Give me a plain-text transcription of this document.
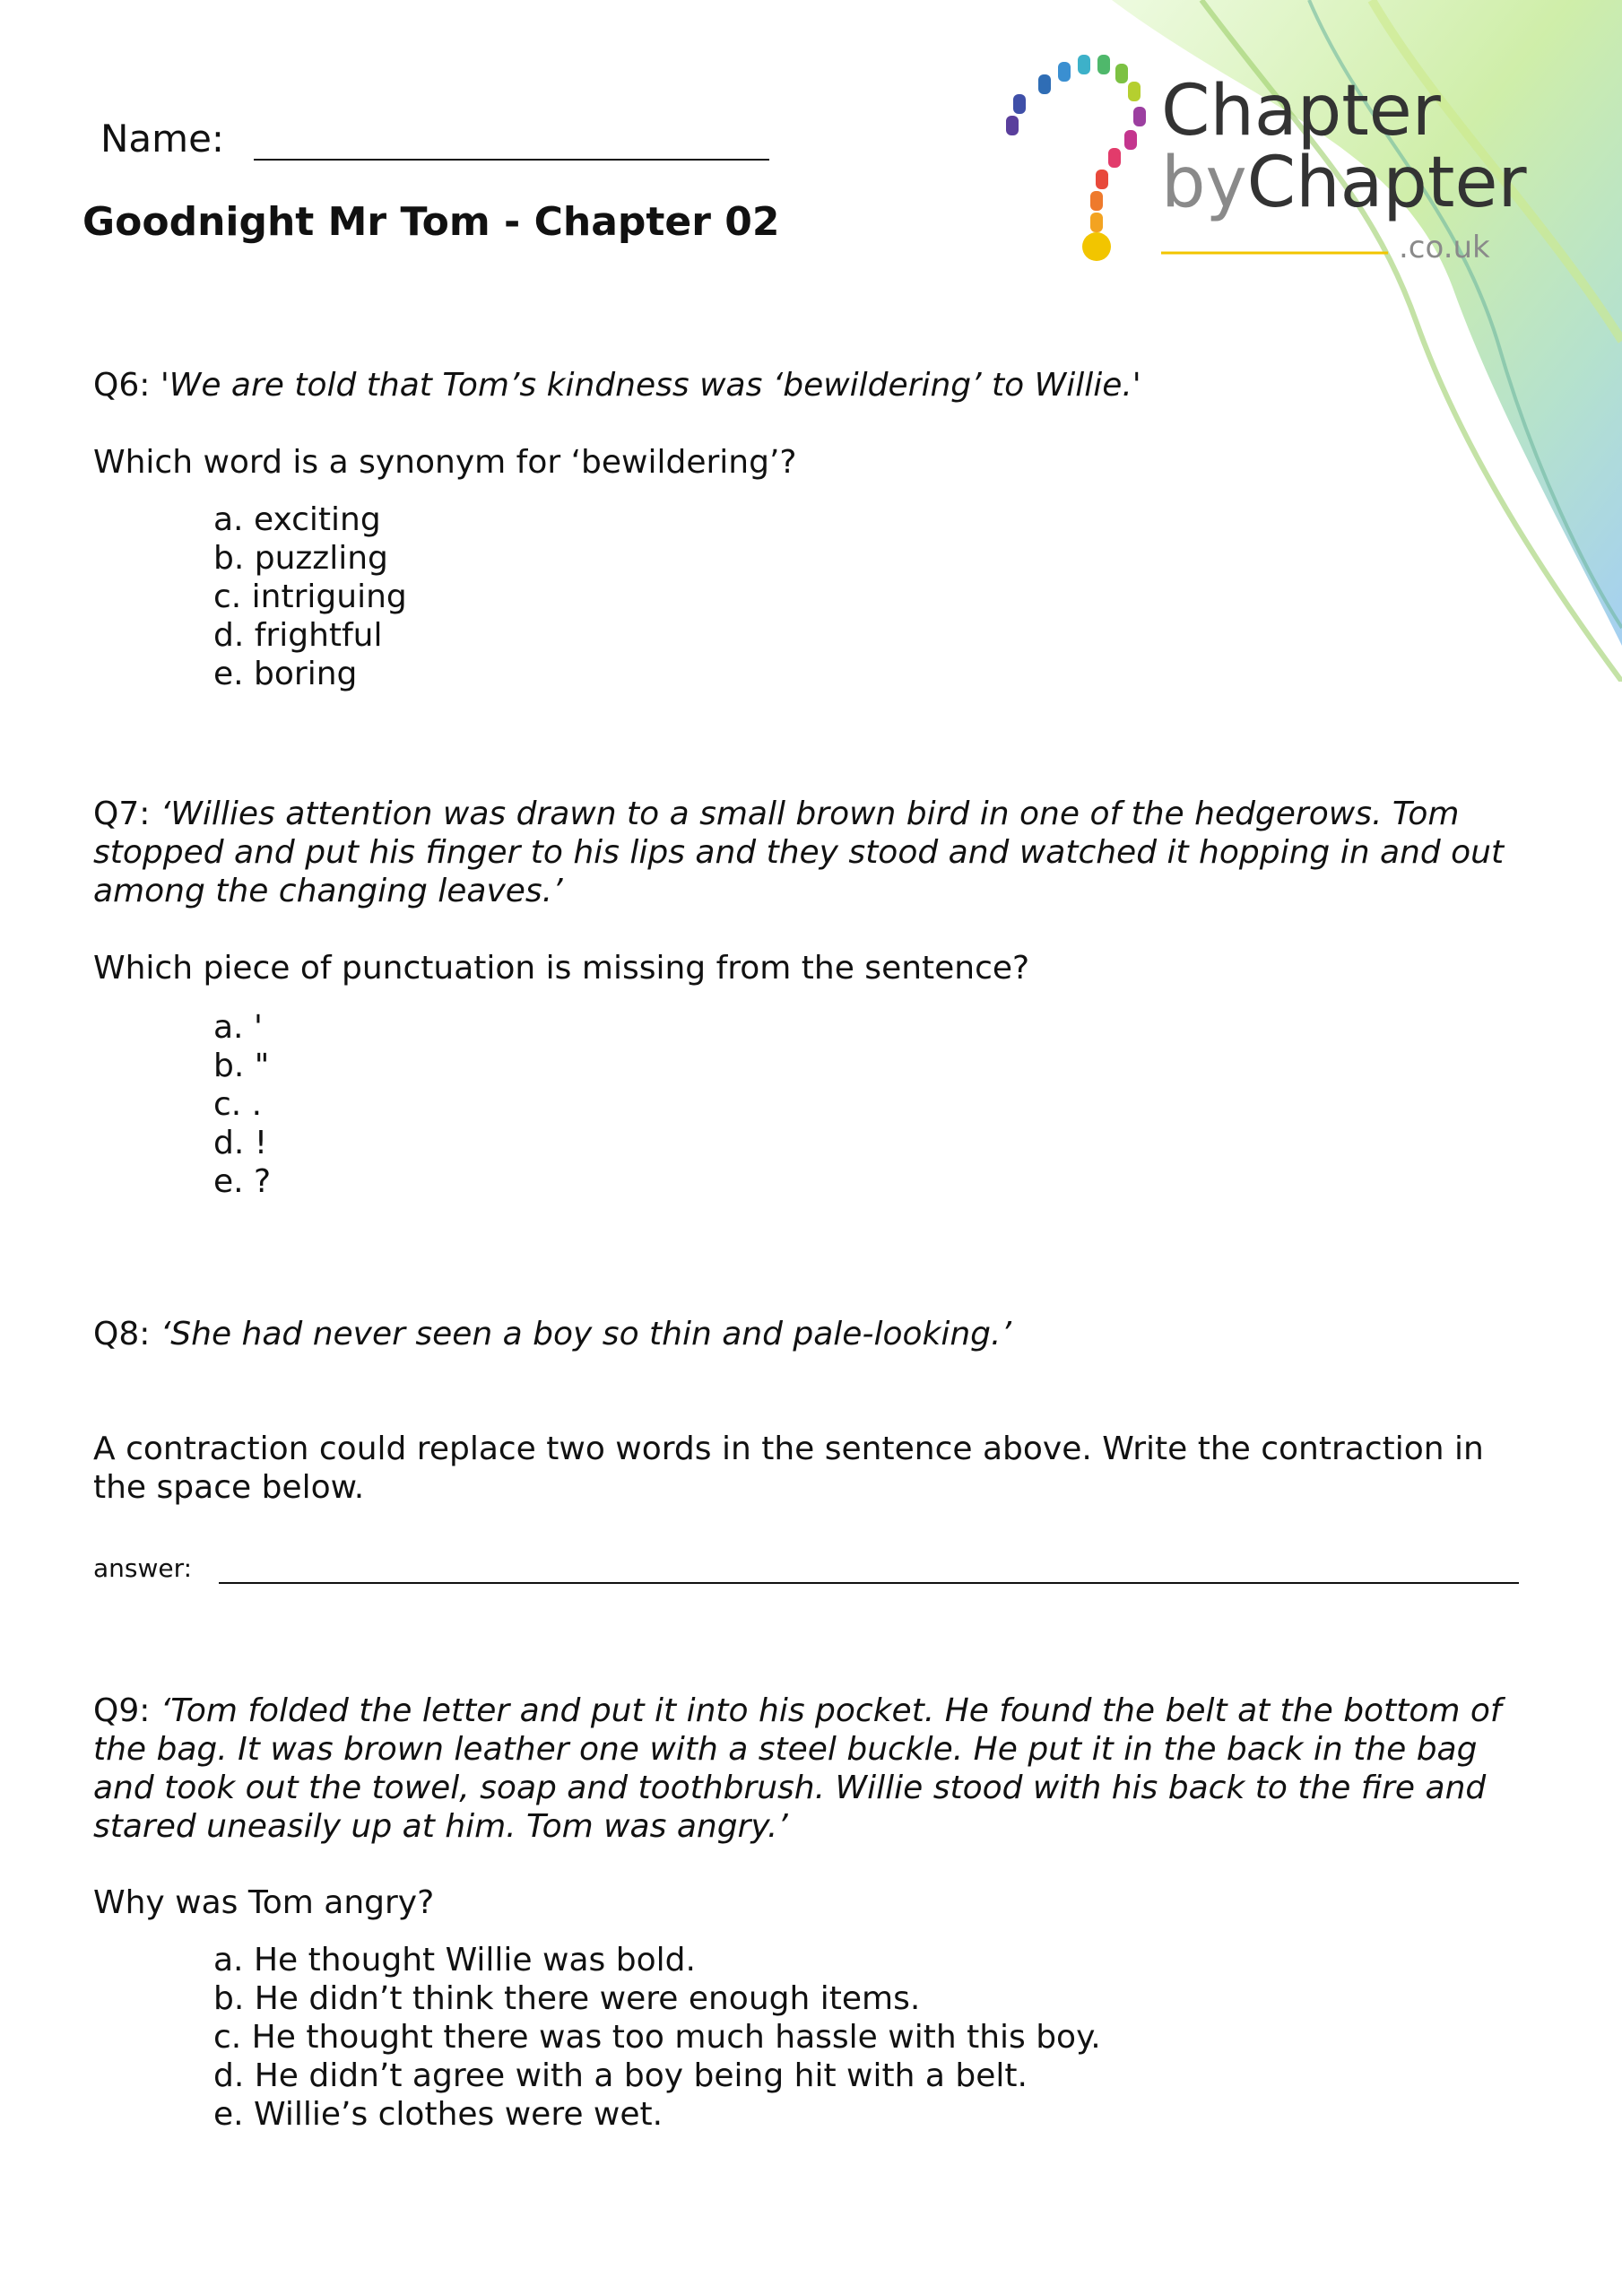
Chapter
byChapter
.co.uk
Name:
Goodnight Mr Tom - Chapter 02
Q6: 'We are told that Tom’s kindness was ‘bewildering’ to Willie.'
Which word is a synonym for ‘bewildering’?
a. exciting
b. puzzling
c. intriguing
d. frightful
e. boring
Q7: ‘Willies attention was drawn to a small brown bird in one of the hedgerows. Tom stopped and put his finger to his lips and they stood and watched it hopping in and out among the changing leaves.’
Which piece of punctuation is missing from the sentence?
a. '
b. "
c. .
d. !
e. ?
Q8: ‘She had never seen a boy so thin and pale-looking.’
A contraction could replace two words in the sentence above. Write the contraction in the space below.
answer:
Q9: ‘Tom folded the letter and put it into his pocket. He found the belt at the bottom of the bag. It was brown leather one with a steel buckle. He put it in the back in the bag and took out the towel, soap and toothbrush. Willie stood with his back to the fire and stared uneasily up at him. Tom was angry.’
Why was Tom angry?
a. He thought Willie was bold.
b. He didn’t think there were enough items.
c. He thought there was too much hassle with this boy.
d. He didn’t agree with a boy being hit with a belt.
e. Willie’s clothes were wet.
